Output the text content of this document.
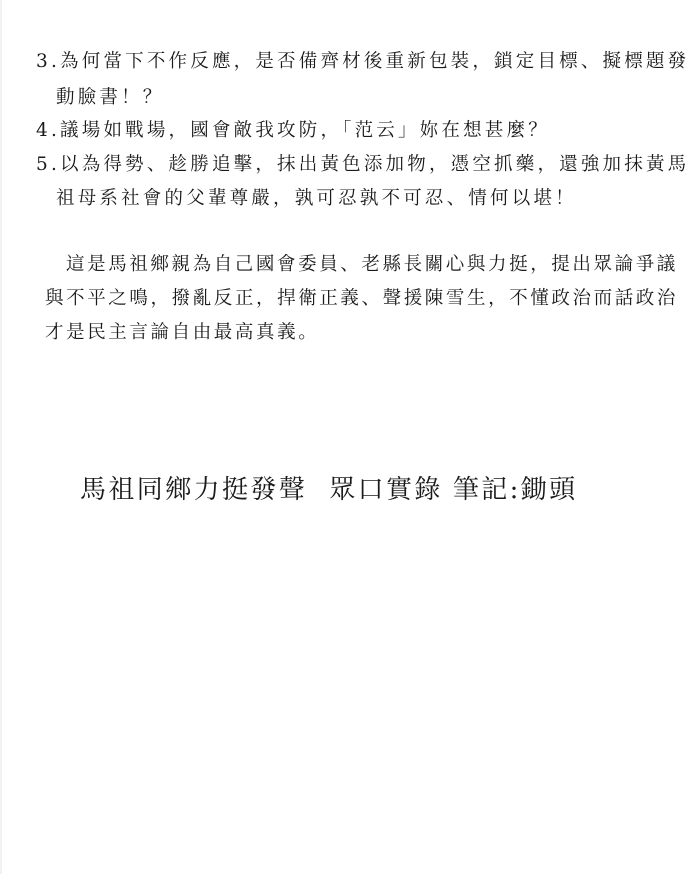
3.為何當下不作反應，是否備齊材後重新包裝，鎖定目標、擬標題發
動臉書！？
4.議場如戰場，國會敵我攻防，「范云」妳在想甚麼？
5.以為得勢、趁勝追擊，抹出黃色添加物，憑空抓藥，還強加抹黃馬
祖母系社會的父輩尊嚴，孰可忍孰不可忍、情何以堪！
這是馬祖鄉親為自己國會委員、老縣長關心與力挺，提出眾論爭議
與不平之鳴，撥亂反正，捍衛正義、聲援陳雪生，不懂政治而話政治
才是民主言論自由最高真義。
馬祖同鄉力挺發聲 眾口實錄 筆記:鋤頭
